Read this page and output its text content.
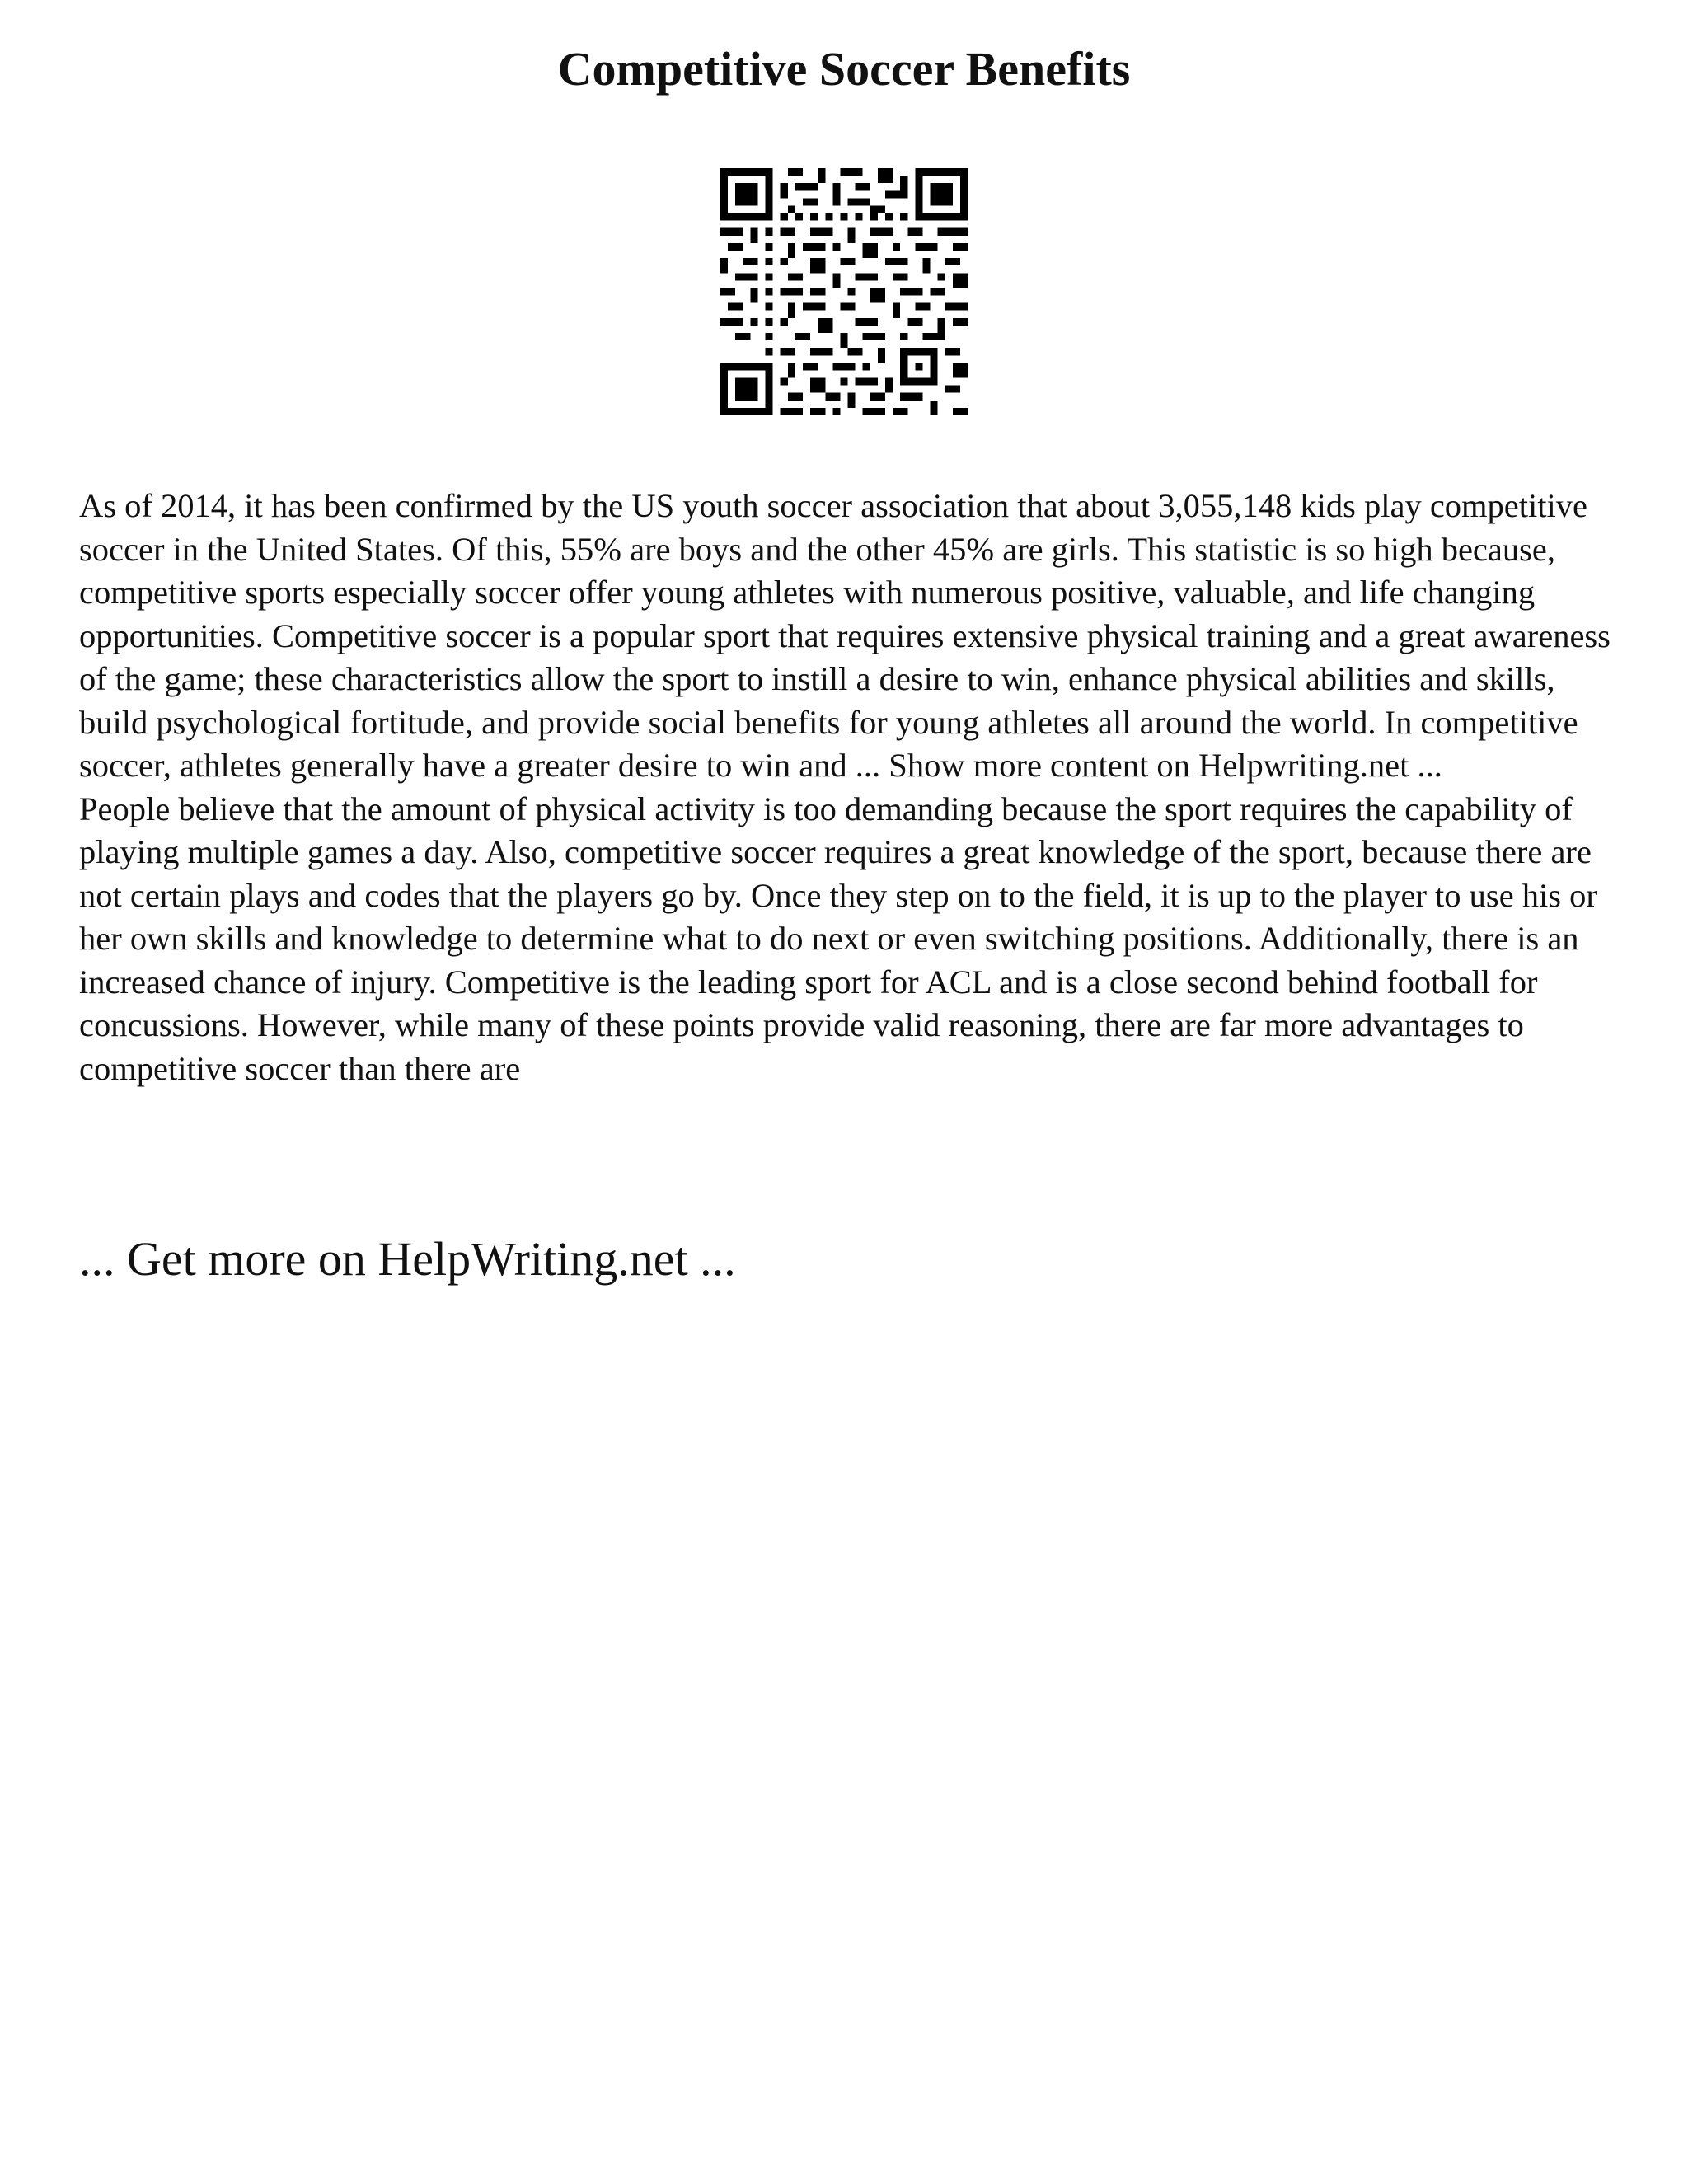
Competitive Soccer Benefits

As of 2014, it has been confirmed by the US youth soccer association that about 3,055,148 kids play competitive soccer in the United States. Of this, 55% are boys and the other 45% are girls. This statistic is so high because, competitive sports especially soccer offer young athletes with numerous positive, valuable, and life changing opportunities. Competitive soccer is a popular sport that requires extensive physical training and a great awareness of the game; these characteristics allow the sport to instill a desire to win, enhance physical abilities and skills, build psychological fortitude, and provide social benefits for young athletes all around the world. In competitive soccer, athletes generally have a greater desire to win and ... Show more content on Helpwriting.net ...

People believe that the amount of physical activity is too demanding because the sport requires the capability of playing multiple games a day. Also, competitive soccer requires a great knowledge of the sport, because there are not certain plays and codes that the players go by. Once they step on to the field, it is up to the player to use his or her own skills and knowledge to determine what to do next or even switching positions. Additionally, there is an increased chance of injury. Competitive is the leading sport for ACL and is a close second behind football for concussions. However, while many of these points provide valid reasoning, there are far more advantages to competitive soccer than there are

... Get more on HelpWriting.net ...
